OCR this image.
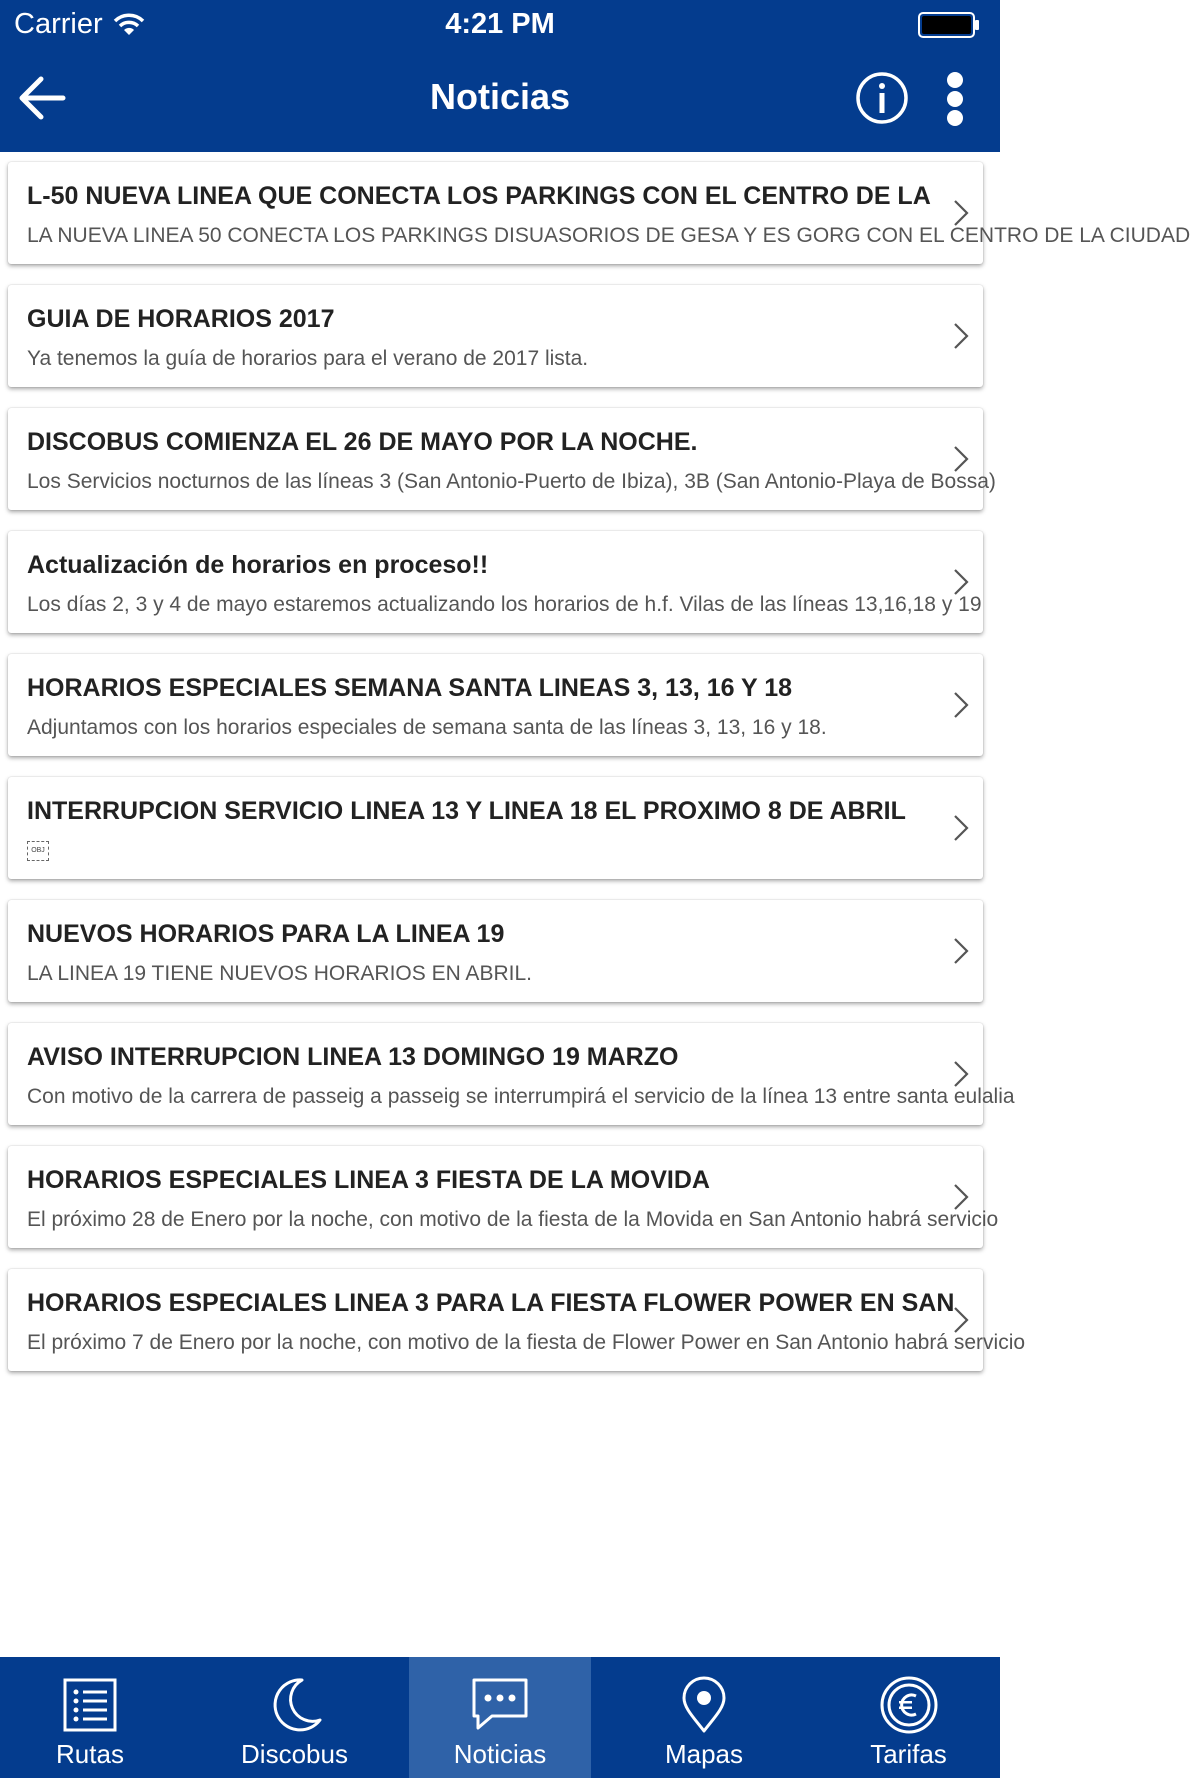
Carrier	4:21 PM
Noticias
L-50 NUEVA LINEA QUE CONECTA LOS PARKINGS CON EL CENTRO DE LA
LA NUEVA LINEA 50 CONECTA LOS PARKINGS DISUASORIOS DE GESA Y ES GORG CON EL CENTRO DE LA CIUDAD
GUIA DE HORARIOS 2017
Ya tenemos la guía de horarios para el verano de 2017 lista.
DISCOBUS COMIENZA EL 26 DE MAYO POR LA NOCHE.
Los Servicios nocturnos de las líneas 3 (San Antonio-Puerto de Ibiza), 3B (San Antonio-Playa de Bossa)
Actualización de horarios en proceso!!
Los días 2, 3 y 4 de mayo estaremos actualizando los horarios de h.f. Vilas de las líneas 13,16,18 y 19
HORARIOS ESPECIALES SEMANA SANTA LINEAS 3, 13, 16 Y 18
Adjuntamos con los horarios especiales de semana santa de las líneas 3, 13, 16 y 18.
INTERRUPCION SERVICIO LINEA 13 Y LINEA 18 EL PROXIMO 8 DE ABRIL
OBJ
NUEVOS HORARIOS PARA LA LINEA 19
LA LINEA 19 TIENE NUEVOS HORARIOS EN ABRIL.
AVISO INTERRUPCION LINEA 13 DOMINGO 19 MARZO
Con motivo de la carrera de passeig a passeig se interrumpirá el servicio de la línea 13 entre santa eulalia
HORARIOS ESPECIALES LINEA 3 FIESTA DE LA MOVIDA
El próximo 28 de Enero por la noche, con motivo de la fiesta de la Movida en San Antonio habrá servicio
HORARIOS ESPECIALES LINEA 3 PARA LA FIESTA FLOWER POWER EN SAN
El próximo 7 de Enero por la noche, con motivo de la fiesta de Flower Power en San Antonio habrá servicio
Rutas	Discobus	Noticias	Mapas	Tarifas
